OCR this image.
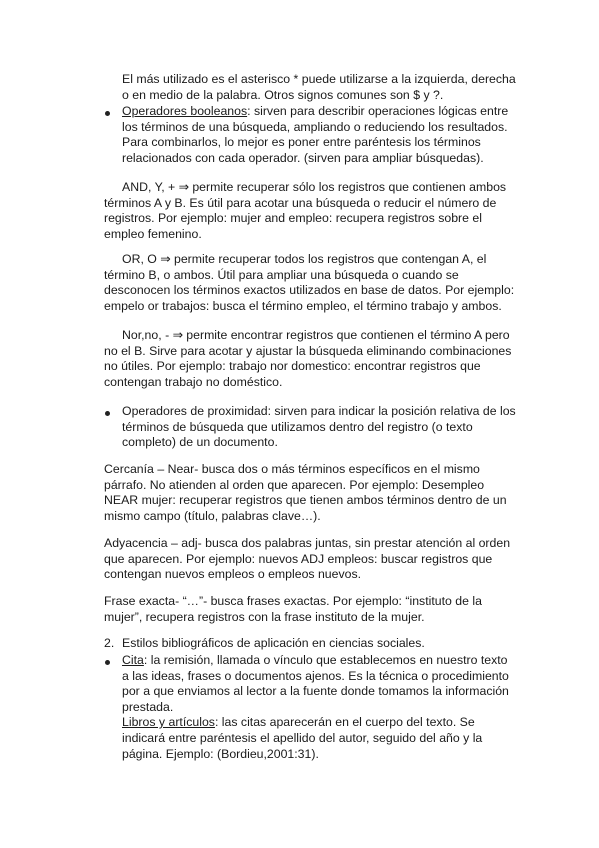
El más utilizado es el asterisco * puede utilizarse a la izquierda, derecha o en medio de la palabra. Otros signos comunes son $ y ?.

Operadores booleanos: sirven para describir operaciones lógicas entre los términos de una búsqueda, ampliando o reduciendo los resultados. Para combinarlos, lo mejor es poner entre paréntesis los términos relacionados con cada operador. (sirven para ampliar búsquedas).

AND, Y, + ⇒ permite recuperar sólo los registros que contienen ambos términos A y B. Es útil para acotar una búsqueda o reducir el número de registros. Por ejemplo: mujer and empleo: recupera registros sobre el empleo femenino.

OR, O ⇒ permite recuperar todos los registros que contengan A, el término B, o ambos. Útil para ampliar una búsqueda o cuando se desconocen los términos exactos utilizados en base de datos. Por ejemplo: empelo or trabajos: busca el término empleo, el término trabajo y ambos.

Nor,no, - ⇒ permite encontrar registros que contienen el término A pero no el B. Sirve para acotar y ajustar la búsqueda eliminando combinaciones no útiles. Por ejemplo: trabajo nor domestico: encontrar registros que contengan trabajo no doméstico.

Operadores de proximidad: sirven para indicar la posición relativa de los términos de búsqueda que utilizamos dentro del registro (o texto completo) de un documento.

Cercanía – Near- busca dos o más términos específicos en el mismo párrafo. No atienden al orden que aparecen. Por ejemplo: Desempleo NEAR mujer: recuperar registros que tienen ambos términos dentro de un mismo campo (título, palabras clave…).

Adyacencia – adj- busca dos palabras juntas, sin prestar atención al orden que aparecen. Por ejemplo: nuevos ADJ empleos: buscar registros que contengan nuevos empleos o empleos nuevos.

Frase exacta- “…”- busca frases exactas. Por ejemplo: “instituto de la mujer”, recupera registros con la frase instituto de la mujer.

2. Estilos bibliográficos de aplicación en ciencias sociales.

Cita: la remisión, llamada o vínculo que establecemos en nuestro texto a las ideas, frases o documentos ajenos. Es la técnica o procedimiento por a que enviamos al lector a la fuente donde tomamos la información prestada.
Libros y artículos: las citas aparecerán en el cuerpo del texto. Se indicará entre paréntesis el apellido del autor, seguido del año y la página. Ejemplo: (Bordieu,2001:31).
